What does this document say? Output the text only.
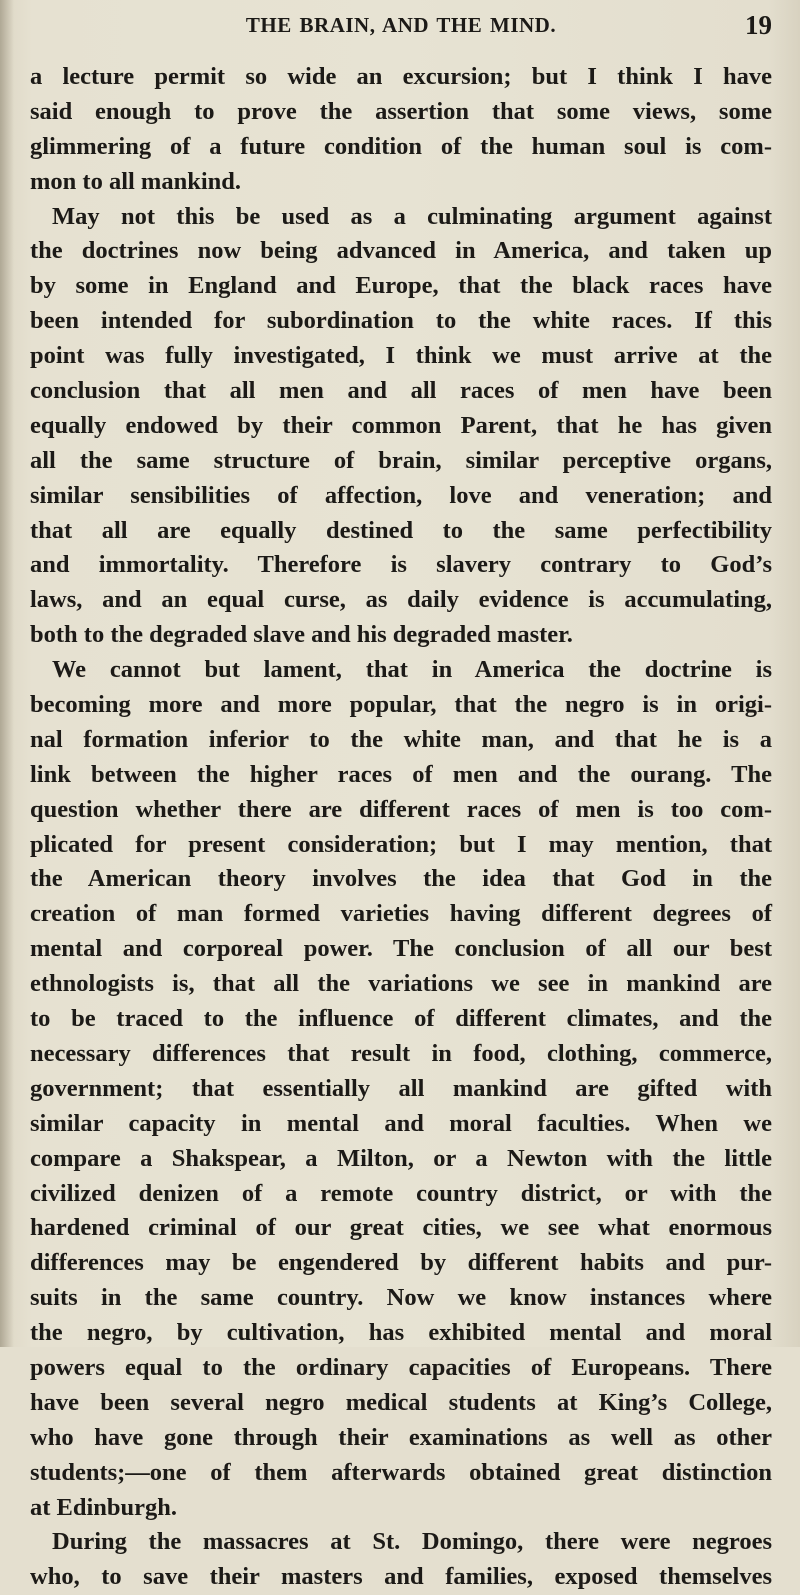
THE BRAIN, AND THE MIND.	19
a lecture permit so wide an excursion; but I think I have
said enough to prove the assertion that some views, some
glimmering of a future condition of the human soul is com-
mon to all mankind.
May not this be used as a culminating argument against
the doctrines now being advanced in America, and taken up
by some in England and Europe, that the black races have
been intended for subordination to the white races. If this
point was fully investigated, I think we must arrive at the
conclusion that all men and all races of men have been
equally endowed by their common Parent, that he has given
all the same structure of brain, similar perceptive organs,
similar sensibilities of affection, love and veneration; and
that all are equally destined to the same perfectibility
and immortality. Therefore is slavery contrary to God’s
laws, and an equal curse, as daily evidence is accumulating,
both to the degraded slave and his degraded master.
We cannot but lament, that in America the doctrine is
becoming more and more popular, that the negro is in origi-
nal formation inferior to the white man, and that he is a
link between the higher races of men and the ourang. The
question whether there are different races of men is too com-
plicated for present consideration; but I may mention, that
the American theory involves the idea that God in the
creation of man formed varieties having different degrees of
mental and corporeal power. The conclusion of all our best
ethnologists is, that all the variations we see in mankind are
to be traced to the influence of different climates, and the
necessary differences that result in food, clothing, commerce,
government; that essentially all mankind are gifted with
similar capacity in mental and moral faculties. When we
compare a Shakspear, a Milton, or a Newton with the little
civilized denizen of a remote country district, or with the
hardened criminal of our great cities, we see what enormous
differences may be engendered by different habits and pur-
suits in the same country. Now we know instances where
the negro, by cultivation, has exhibited mental and moral
powers equal to the ordinary capacities of Europeans. There
have been several negro medical students at King’s College,
who have gone through their examinations as well as other
students;—one of them afterwards obtained great distinction
at Edinburgh.
During the massacres at St. Domingo, there were negroes
who, to save their masters and families, exposed themselves
